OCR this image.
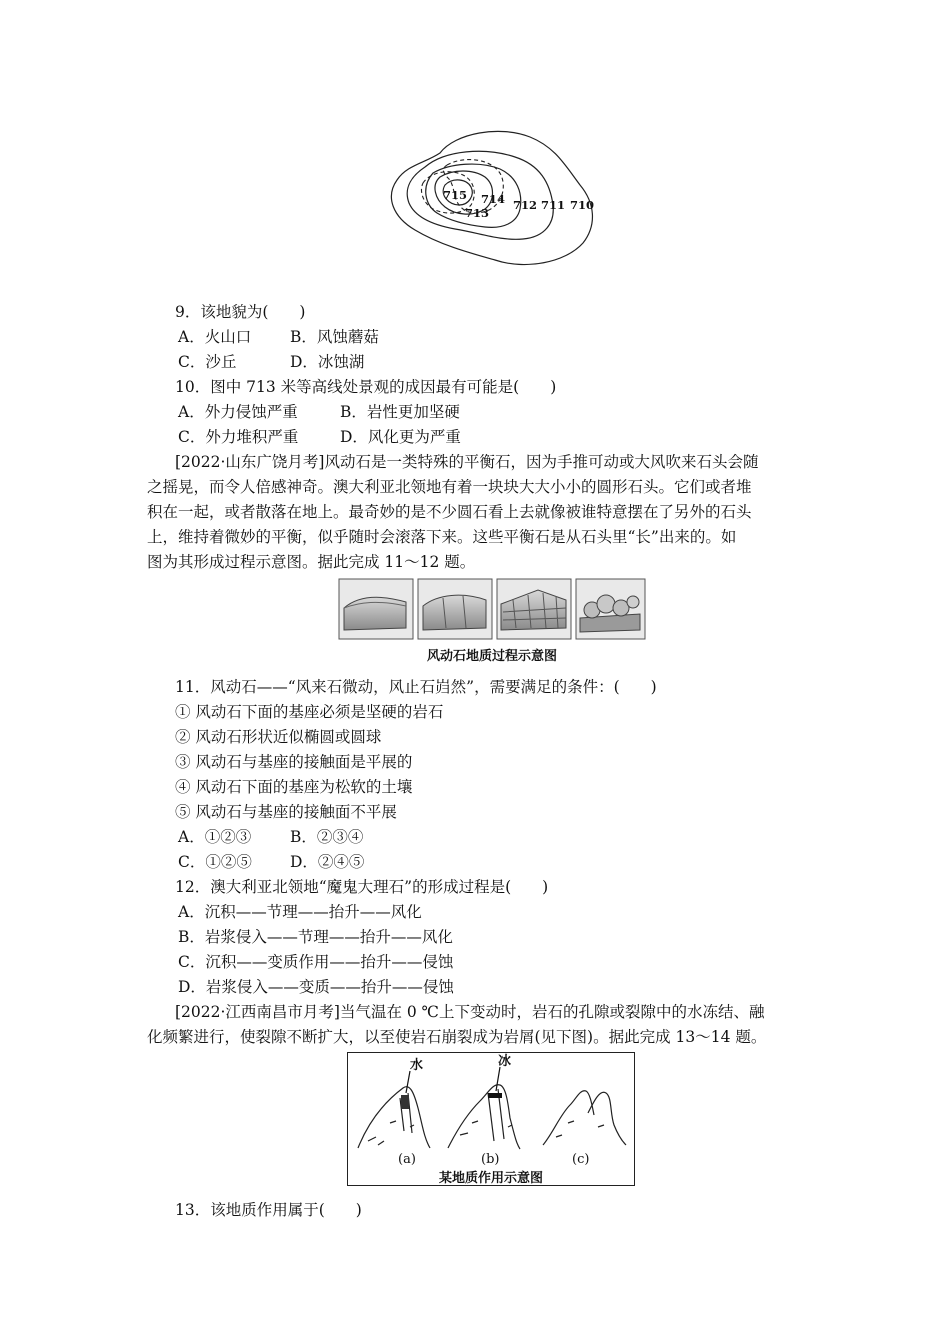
715 714
713
712 711 710
9．该地貌为(　　)
A．火山口	B．风蚀蘑菇
C．沙丘	D．冰蚀湖
10．图中 713 米等高线处景观的成因最有可能是(　　)
A．外力侵蚀严重	B．岩性更加坚硬
C．外力堆积严重	D．风化更为严重
[2022·山东广饶月考]风动石是一类特殊的平衡石，因为手推可动或大风吹来石头会随
之摇晃，而令人倍感神奇。澳大利亚北领地有着一块块大大小小的圆形石头。它们或者堆
积在一起，或者散落在地上。最奇妙的是不少圆石看上去就像被谁特意摆在了另外的石头
上，维持着微妙的平衡，似乎随时会滚落下来。这些平衡石是从石头里“长”出来的。如
图为其形成过程示意图。据此完成 11～12 题。
风动石地质过程示意图
11．风动石——“风来石微动，风止石岿然”，需要满足的条件：(　　)
① 风动石下面的基座必须是坚硬的岩石
② 风动石形状近似椭圆或圆球
③ 风动石与基座的接触面是平展的
④ 风动石下面的基座为松软的土壤
⑤ 风动石与基座的接触面不平展
A．①②③	B．②③④
C．①②⑤ D．②④⑤
12．澳大利亚北领地“魔鬼大理石”的形成过程是(　　)
A．沉积——节理——抬升——风化
B．岩浆侵入——节理——抬升——风化
C．沉积——变质作用——抬升——侵蚀
D．岩浆侵入——变质——抬升——侵蚀
[2022·江西南昌市月考]当气温在 0 ℃上下变动时，岩石的孔隙或裂隙中的水冻结、融
化频繁进行，使裂隙不断扩大，以至使岩石崩裂成为岩屑(见下图)。据此完成 13～14 题。
水	冰
(a)	(b)	(c)
某地质作用示意图
13．该地质作用属于(　　)
